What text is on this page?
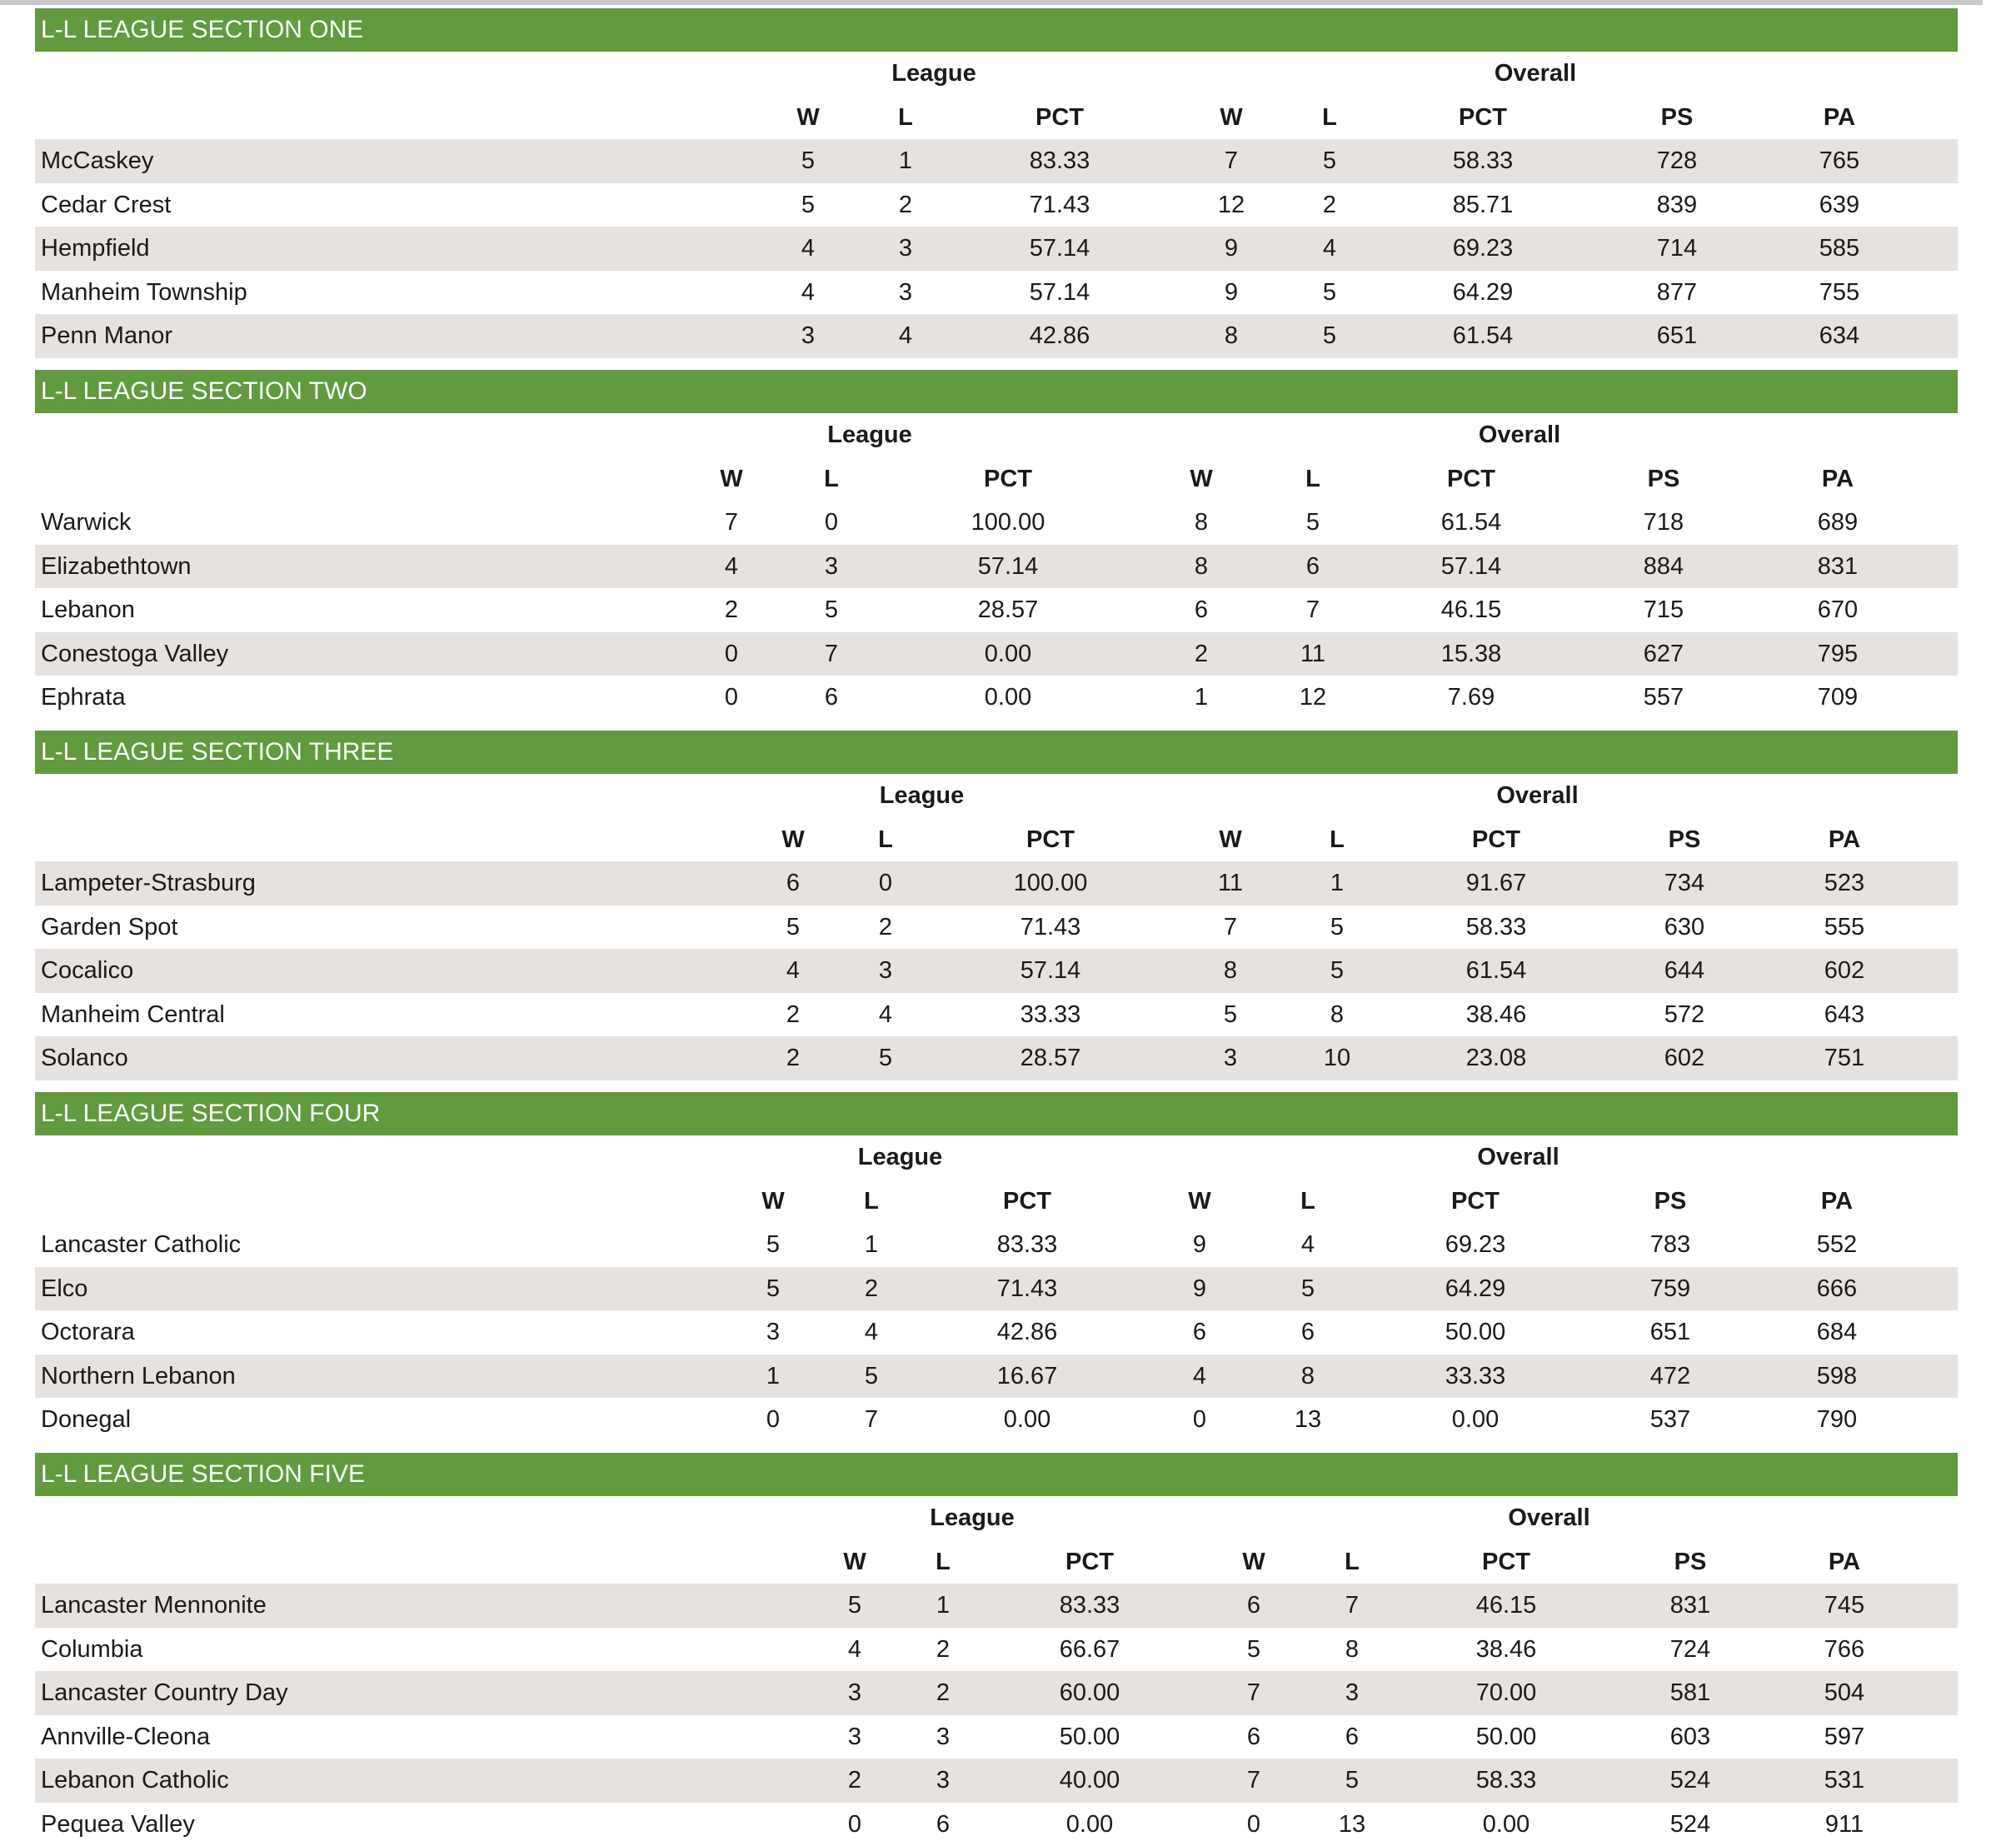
L-L LEAGUE SECTION ONE
League	Overall
W	L	PCT	W	L	PCT	PS	PA
McCaskey	5	1	83.33	7	5	58.33	728	765
Cedar Crest	5	2	71.43	12	2	85.71	839	639
Hempfield	4	3	57.14	9	4	69.23	714	585
Manheim Township	4	3	57.14	9	5	64.29	877	755
Penn Manor	3	4	42.86	8	5	61.54	651	634
L-L LEAGUE SECTION TWO
League	Overall
W	L	PCT	W	L	PCT	PS	PA
Warwick	7	0	100.00	8	5	61.54	718	689
Elizabethtown	4	3	57.14	8	6	57.14	884	831
Lebanon	2	5	28.57	6	7	46.15	715	670
Conestoga Valley	0	7	0.00	2	11	15.38	627	795
Ephrata	0	6	0.00	1	12	7.69	557	709
L-L LEAGUE SECTION THREE
League	Overall
W	L	PCT	W	L	PCT	PS	PA
Lampeter-Strasburg	6	0	100.00	11	1	91.67	734	523
Garden Spot	5	2	71.43	7	5	58.33	630	555
Cocalico	4	3	57.14	8	5	61.54	644	602
Manheim Central	2	4	33.33	5	8	38.46	572	643
Solanco	2	5	28.57	3	10	23.08	602	751
L-L LEAGUE SECTION FOUR
League	Overall
W	L	PCT	W	L	PCT	PS	PA
Lancaster Catholic	5	1	83.33	9	4	69.23	783	552
Elco	5	2	71.43	9	5	64.29	759	666
Octorara	3	4	42.86	6	6	50.00	651	684
Northern Lebanon	1	5	16.67	4	8	33.33	472	598
Donegal	0	7	0.00	0	13	0.00	537	790
L-L LEAGUE SECTION FIVE
League	Overall
W	L	PCT	W	L	PCT	PS	PA
Lancaster Mennonite	5	1	83.33	6	7	46.15	831	745
Columbia	4	2	66.67	5	8	38.46	724	766
Lancaster Country Day	3	2	60.00	7	3	70.00	581	504
Annville-Cleona	3	3	50.00	6	6	50.00	603	597
Lebanon Catholic	2	3	40.00	7	5	58.33	524	531
Pequea Valley	0	6	0.00	0	13	0.00	524	911
